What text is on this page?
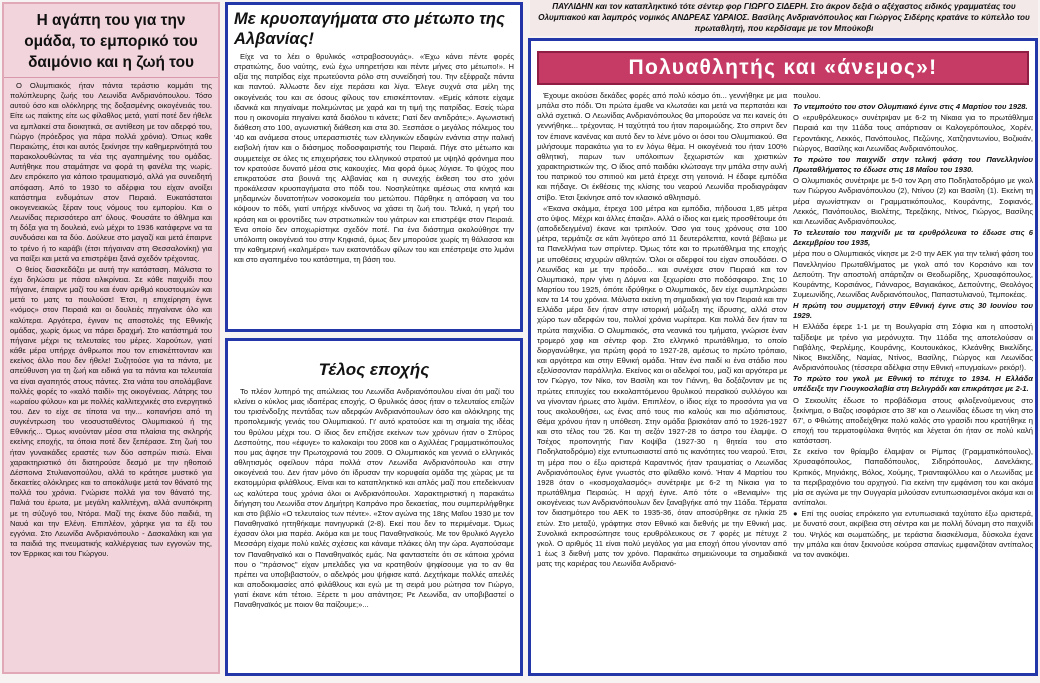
Η αγάπη του για την ομάδα, το εμπορικό του δαιμόνιο και η ζωή του

Ο Ολυμπιακός ήταν πάντα τεράστιο κομμάτι της πολύπλευρης ζωής του Λεωνίδα Ανδριανόπουλου. Τόσο αυτού όσο και ολόκληρης της δοξασμένης οικογένειάς του. Είτε ως παίκτης είτε ως φίλαθλος μετά, γιατί ποτέ δεν ήθελε να εμπλακεί στα διοικητικά, σε αντίθεση με τον αδερφό του, Γιώργο (πρόεδρος για πάρα πολλά χρόνια). Όπως καθε Πειραιώτης, έτσι και αυτός ξεκίνησε την καθημερινότητά του παρακολουθώντας τα νέα της αγαπημένης του ομάδας. Αυτήθηκε που σταμάτησε να φορά τη φανέλα της νωρίς. Δεν επρόκειτο για κάποιο τραυματισμό, αλλά για συνειδητή απόφαση. Από το 1930 το αδέρφια του είχαν ανοίξει κατάστημα ενδυμάτων στον Πειραιά. Ευκατάστατοι οικογενειακώς ξέραν τους νόμους του εμπορίου. Και ο Λεωνίδας περισσότερο απ' όλους. Φουσάτε το άθλημα και τη δόξα για τη δουλειά, ενώ μέχρι το 1936 κατάφερνε να τα συνδυάσει και τα δύο. Δούλευε στο μαγαζί και μετά έπαιρνε το τρένο ή το καράβι (έτσι πήγαιναν στη Θεσσαλονίκη) για να παίξει και μετά να επιστρέψει ξανά σχεδόν τρέχοντας.

Ο θείος διασκεδάζει με αυτή την κατάσταση. Μάλιστα το έχει δηλώσει με πάσα ειλικρίνεια. Σε κάθε παιχνίδι που πήγαινε, έπαιρνε μαζί του και έναν αριθμό κουστουμιών και μετά το ματς τα πουλούσε! Έτσι, η επιχείρηση έγινε «νόμος» στον Πειραιά και οι δουλειές πηγαίνανε όλο και καλύτερα. Αργότερα, έγιναν τις αποστολές της Εθνικής ομάδας, χωρίς όμως να πάρει δραχμή. Στο κατάστημά του πήγαινε μέχρι τις τελευταίες του μέρες. Χαρούτων, γιατί κάθε μέρα υπήρχε άνθρωποι που τον επισκέπτονταν και εκείνος άλλο που δεν ήθελε! Συζητούσε για τα πάντα, με απεύθυνση για τη ζωή και ειδικά για τα πάντα και τελευταία να είναι αγαπητός στους πάντες. Στα νιάτα του απολάμβανε πολλές φορές το «καλό παιδί» της οικογένειας. Λάτρης του «ωραίου φύλου» και με πολλές καλλιτεχνικές στο ενεργητικό του. Δεν το είχε σε τίποτα να την... κοπανήσει από τη συγκέντρωση του νεοσυσταθέντος Ολυμπιακού ή της Εθνικής... Όμως κινούνταν μέσα στα πλαίσια της σκληρής εκείνης εποχής, τα όποια ποτέ δεν ξεπέρασε. Στη ζωή του ήταν γυναικάδες εραστές των δύο ασπρών πισώ. Είναι χαρακτηριστικό ότι διατηρούσε δεσμό με την ηθοποιό Δέσποινα Στυλιανοπούλου, αλλά το κράτησε μυστικό για δεκαετίες ολόκληρες και το αποκάλυψε μετά τον θάνατό της πολλά του χρόνια. Γνώρισε πολλά για τον θάνατό της. Παλιά του έρωτα, με μεγάλη καλλιτέχνη, αλλά ανυπόκριτη με τη σύζυγό του, Ντόρα. Μαζί της έκανε δύο παιδιά, τη Ναυά και την Ελένη. Επιπλέον, χάρηκε για τα έξι του εγγόνια. Στο Λεωνίδα Ανδριανόπουλο - Δασκαλάκη και για τα παιδιά της πνευματικής καλλιέργειας των εγγονών της, τον Έρρικας και του Γιώργου.

Με κρυοπαγήματα στο μέτωπο της Αλβανίας!

Είχε να το λέει ο θρυλικός «στραβοσουγιάς». «Έχω κάνει πέντε φορές στρατιώτης, δυο ναύτης, ενώ έχω υπηρετήσει και πέντε μήνες στο μέτωπο!». Η αξία της πατρίδας είχε πρωτεύοντα ρόλο στη συνείδησή του. Την εξέφραζε πάντα και παντού. Άλλωστε δεν είχε περάσει και λίγα. Έλεγε συχνά στα μέλη της οικογένειάς του και σε όσους φίλους τον επισκέπτονταν. «Εμείς κάποτε είχαμε ιδανικά και πηγαίναμε πολεμώντας με χαρά και τη τιμή της πατρίδας. Εσείς τώρα που η οικονομία πηγαίνει κατά διαόλου τι κάνετε; Γιατί δεν αντιδράτε;». Αγωνιστική διάθεση στο 100, αγωνιστική διάθεση και στα 30. Ξεσπάσε ο μεγάλος πόλεμος του '40 και ανάμεσα στους υπερασπιστές των ελληνικών εδαφών ενάντια στην ιταλική εισβολή ήταν και ο διάσημος ποδοσφαιριστής του Πειραιά. Πήγε στο μέτωπο και συμμετείχε σε όλες τις επιχειρήσεις του ελληνικού στρατού με υψηλό φρόνημα που τον κρατούσε δυνατό μέσα στις κακουχίες. Μια φορά όμως λύγισε. Το ψύχος που επικρατούσε στα βουνά της Αλβανίας και η συνεχής έκθεση του στο χιόνι προκάλεσαν κρυοπαγήματα στο πόδι του. Νοσηλεύτηκε αμέσως στα κινητά και μηδαμινών δυνατοτήτων νοσοκομεία του μετώπου. Πάρθηκε η απόφαση να του κόψουν το πόδι, γιατί υπήρχε κίνδυνος να χάσει τη ζωή του. Τελικά, η γερή του κράση και οι φροντίδες των στρατιωτικών του γιάτρων και επιστρέψε στον Πειραιά. Ένα οποίο δεν αποχωρίστηκε σχεδόν ποτέ. Για ένα διάστημα ακολούθησε την υπόλοιπη οικογένειά του στην Κηφισιά, όμως δεν μπορούσε χωρίς τη θάλασσα και την καθημερινή «καλημέρα» των εκατοντάδων φίλων του και επέστρεψε στο λιμάνι και στο αγαπημένο του κατάστημα, τη βάση του.

Τέλος εποχής

Το πλέον λυπηρό της απώλειας του Λεωνίδα Ανδριανόπουλου είναι ότι μαζί του κλείνει ο κύκλος μιας ιδαιτέρας εποχής. Ο θρυλικός άσος ήταν ο τελευταίος επιζών του τρισένδοξης πεντάδας των αδερφών Ανδριανόπουλων όσο και ολόκληρης της προπολεμικής γενιάς του Ολυμπιακού. Γι' αυτό κρατούσε και τη σημαία της ιδέας του θρύλου μέχρι του. Ο ίδιος δεν επιζήσε εκείνων των χρόνων ήταν ο Σπύρος Δεσπούτης, που «έφυγε» το καλοκαίρι του 2008 και ο Αχιλλέας Γραμματικόπουλος που μας άφησε την Πρωτοχρονιά του 2009. Ο Ολυμπιακός και γεννιά ο ελληνικός αθλητισμός οφείλουν πάρα πολλά στον Λεωνίδα Ανδριανόπουλο και στην οικογένειά του. Δεν ήταν μόνο ότι ίδρυσαν την κορυφαία ομάδα της χώρας με τα εκατομμύρια φιλάθλους. Είναι και το καταπληκτικό και απλός μαζί που επεδείκνυαν ως καλύτερα τους χρόνια όλοι οι Ανδριανόπουλοι. Χαρακτηριστική η παρακάτω διήγηση του Λεωνίδα στον Δημήτρη Καπράνο προ δεκαετίας, που συμπεριλήφθηκε και στο βιβλίο «Ο τελευταίος των πέντε». «Στον αγώνα της 18ης Μαΐου 1930 με τον Παναθηναϊκό ηττηθήκαμε πανηγυρικά (2-8). Εκεί που δεν το περιμέναμε. Όμως έχασαν όλοι μια παρέα. Ακόμα και με τους Παναθηναϊκούς. Με τον θρυλικό Αγγελο Μεσσάρη είχαμε πολύ καλές σχέσεις και κάναμε πλάκες όλη την ώρα. Αγαπούσαμε τον Παναθηναϊκό και ο Παναθηναϊκός εμάς. Να φανταστείτε ότι σε κάποια χρόνια που ο "πράσινος" είχαν μπελάδες για να κρατηθούν ψηφίσουμε για το αν θα πρέπει να υποβιβαστούν, ο αδελφός μου ψήφισε κατά. Δεχτήκαμε πολλές απειλές και αποδοκιμασίες από φιλάθλους και εγώ με τη σειρά μου ρώτησα τον Γιώργο, γιατί έκανε κάτι τέτοιο. Ξέρετε τι μου απάντησε; Ρε Λεωνίδα, αν υποβιβαστεί ο Παναθηναϊκός με ποιον θα παίζουμε;»...

ΠΑΥΛΙΔΗΝ και τον καταπληκτικό τότε σέντερ φορ ΓΙΩΡΓΟ ΣΙΔΕΡΗ. Στο άκρον δεξιά ο αξέχαστος ειδικός γραμματέας του Ολυμπιακού και λαμπρός νομικός ΑΝΔΡΕΑΣ ΥΔΡΑΙΟΣ. Βασίλης Ανδριανόπουλος και Γιώργος Σιδέρης κρατάνε το κύπελλο του πρωταθλητή, που κερδίσαμε με τον Μπούκοβι
Πολυαθλητής και «άνεμος»!

Έχουμε ακούσει δεκάδες φορές από πολύ κόσμο ότι... γεννήθηκε με μια μπάλα στο πόδι. Ότι πρώτα έμαθε να κλωτσάει και μετά να περπατάει και αλλά σχετικά. Ο Λεωνίδας Ανδριανόπουλος θα μπορούσε να πει κανείς ότι γεννήθηκε... τρέχοντας. Η ταχύτητά του ήταν παροιμιώδης. Στο σπριντ δεν τον έπιανε κανένας και αυτό δεν το λένε μόνο οι όσοι του Ολυμπιακού. Θα μιλήσουμε παρακάτω για το εν λόγω θέμα. Η οικογένειά του ήταν 100% αθλητική, παρων των υπόλοιπων ξεχωριστών και χριστικών χαρακτηριστικών της. Ο ίδιος από παιδάκι κλώτσαγε την μπάλα στην αυλή του πατρικού του σπιτιού και μετά έτρεχε στη γειτονιά. Η έδαφε εμπόδια και πήδαγε. Οι έκθέσεις της κλίσης του νεαρού Λεωνίδα προδιαγράφαν στίβο. Έτσι ξεκίνησε από τον κλασικό αθλητισμό.

«Έκανα σκάμμα, έτρεχα 100 μέτρα και εμπόδια, πήδουσα 1,85 μέτρα στο ύψος. Μέχρι και άλλες έπαιζα». Αλλά ο ίδιος και εμείς προσθέτουμε ότι (αποδεδειγμένα) έκανε και τριπλούν. Όσο για τους χρόνους στα 100 μέτρα, τερμάτιζε σε κάτι λιγότερο από 11 δευτερόλεπτα, κοντά βέβαιω με τα Πανελλήνια των σπρίντερ. Όμως τότε και το πρωτάθλημα της εποχής με υποθέσεις ισχυρών αθλητών. Όλοι οι αδερφοί του είχαν σπουδάσει. Ο Λεωνίδας και με την πρόοδο... και συνέχισε στον Πειραιά και τον Ολυμπιακό, πριν γίνει η Δόμνα και ξεχωρίσει στο ποδόσφαιρο. Στις 10 Μαρτίου του 1925, όπότε ιδρύθηκε ο Ολυμπιακός, δεν είχε συμπληρώσει καν τα 14 του χρόνια. Μάλιστα εκείνη τη σημαδιακή για τον Πειραιά και την Ελλάδα μέρα δεν ήταν στην ιστορική μάζωξη της ίδρυσης, αλλά στον χώρο των αδερφών του, πολλοί χρόνια νωρίτερα. Και πολλά δεν ήταν τα πρώτα παιχνίδια. Ο Ολυμπιακός, στα νεανικά του τμήματα, γνώρισε έναν τρομερό χαφ και σέντερ φορ. Στο ελληνικό πρωτάθλημα, το οποίο διοργανώθηκε, για πρώτη φορά το 1927-28, αμέσως το πρώτο τρόπαιο, και αργότερα και στην Εθνική ομάδα. Ήταν ένα παιδί κι ένα στάδιο που εξελίσσονταν παράλληλα. Εκείνος και οι αδελφοί του, μαζί και αργότερα με τον Γιώργο, τον Νίκο, τον Βασίλη και τον Γιάννη, θα δοξάζονταν με τις πρώτες επιτυχίες του εκκολαπτόμενου θρυλικού πειραϊκού συλλόγου και να γίνονταν ήρωες στο λιμάνι. Επιπλέον, ο ίδιος είχε το προσόντα για να τους ακολουθήσει, ως ένας από τους πιο καλούς και πιο αξιόπιστους. Θέμα χρόνου ήταν η υπόθεση. Στην ομάδα βρισκόταν από το 1926-1927 και στο τέλος του '26. Και τη σεζόν 1927-28 το άστρο του έλαμψε. Ο Τσέχος προπονητής Γιαν Κοψίβα (1927-30 η θητεία του στο Ποδηλατοδρόμιο) είχε εντυπωσιαστεί από τις ικανότητες του νεαρού. Έτσι, τη μέρα που ο έξω αριστερά Καραντινός ήταν τραυματίας ο Λεωνίδας Ανδριανόπουλος έγινε γνωστός στο φίλαθλο κοινό. Ήταν 4 Μαρτίου του 1928 όταν ο «κοσμοχαλασμός» συνέτριψε με 6-2 τη Νίκαια για το πρωτάθλημα Πειραιώς. Η αρχή έγινε. Από τότε ο «Βενιαμίν» της οικογένειας των Ανδριανόπουλων δεν ξαναβγήκε από την 11άδα. Τέρματα τον διασημότερο του ΑΕΚ το 1935-36, όταν αποσύρθηκε σε ηλικία 25 ετών. Στο μεταξύ, γράφτηκε στον Εθνικό και διεθνής με την Εθνική μας. Συνολικά εκπροσώπησε τους ερυθρόλευκους σε 7 φορές με πέτυχε 2 γκολ. Ο αριθμός 11 είναι πολύ μεγάλος για μια εποχή όπου γίνονταν από 1 έως 3 διεθνή ματς τον χρόνο. Παρακάτω σημειώνουμε τα σημαδιακά ματς της καριέρας του Λεωνίδα Ανδριανό-

πουλου.

Το ντεμπούτο του στον Ολυμπιακό έγινε στις 4 Μαρτίου του 1928.

Ο «ερυθρόλευκος» συνέτριψαν με 6-2 τη Νίκαια για το πρωτάθλημα Πειραιά και την 11άδα τους απάρτισαν οι Καλογερόπουλος, Χορέν, Γεροντάκης, Λεκκός, Πανόπουλος, Πεζώνης, Χατζηαντωνίου, Βοζικιάν, Γιώργος, Βασίλης και Λεωνίδας Ανδριανόπουλος.

Το πρώτο του παιχνίδι στην τελική φάση του Πανελληνίου Πρωταθλήματος το έδωσε στις 18 Μαΐου του 1930.

Ο Ολυμπιακός συνέτριψε με 5-0 τον Άρη στο Ποδηλατοδρόμιο με γκολ των Γιώργου Ανδριανόπουλου (2), Ντίνου (2) και Βασίλη (1). Εκείνη τη μέρα αγωνίστηκαν οι Γραμματικόπουλος, Κουράντης, Σοφιανός, Λεκκός, Πανόπουλος, Βιολέτης, Τερεζάκης, Ντίνος, Γιώργος, Βασίλης και Λεωνίδας Ανδριανόπουλος.

Το τελευταίο του παιχνίδι με τα ερυθρόλευκα το έδωσε στις 6 Δεκεμβρίου του 1935,

μέρα που ο Ολυμπιακός νίκησε με 2-0 την ΑΕΚ για την τελική φάση του Πανελληνίου Πρωταθλήματος με γκολ από τον Κορσιάνο και τον Δεπούτη. Την αποστολή απάρτιζαν οι Θεοδωρίδης, Χρυσαφόπουλος, Κουράντης, Κορσιάνος, Γιάνναρος, Βαγιακάκος, Δεπούντης, Θεολόγος Συμεωνίδης, Λεωνίδας Ανδριανόπουλος, Παπαστυλιανού, Τεμποκέας.

Η πρώτη του συμμετοχή στην Εθνική έγινε στις 30 Ιουνίου του 1929.

Η Ελλάδα έφερε 1-1 με τη Βουλγαρία στη Σόφια και η αποστολή ταξίδεψε με τρένο για μερόνυχτα. Την 11άδα της αποτελούσαν οι Γιαβάλης, Φερλέμης, Κουράνης, Κουτουκάκος, Κλεάνθης Βικελίδης, Νίκος Βικελίδης, Ναμίας, Ντίνος, Βασίλης, Γιώργος και Λεωνίδας Ανδριανόπουλος (τέσσερα αδέλφια στην Εθνική «πυγμαίων» ρεκόρ!).

Το πρώτο του γκολ με Εθνική το πέτυχε το 1934. Η Ελλάδα υπέδειξε την Γιουγκοσλαβία στη Βελιγράδι και επικράτησε με 2-1.

Ο Σεκουλίτς έδωσε το προβάδισμα στους φιλοξενούμενους στο ξεκίνημα, ο Βαζος ισοφάρισε στο 38' και ο Λεωνίδας έδωσε τη νίκη στο 67', ο Φθιώτης αποδείχθηκε πολύ καλός στο γρασίδι που κρατήθηκε η εποχή του τερματοφύλακα θνητός και λέγεται ότι ήταν σε πολύ καλή κατάσταση.

Σε εκείνο τον θρίαμβο έλαμψαν οι Ρίμπας (Γραμματικόπουλος), Χρυσαφόπουλος, Παπαδόπουλος, Σιδηρόπουλος, Δανελάκης, Κριτικός, Μηνιάκης, Βόλος, Χούμης, Τριανταφύλλου και ο Λεωνίδας με τα περιβραχιόνιο του αρχηγού. Για εκείνη την εμφάνιση του και ακόμα μία σε αγώνα με την Ουγγαρία μιλούσαν εντυπωσιασμένοι ακόμα και οι αντίπαλοι.

● Επί της ουσίας επρόκειτο για εντυπωσιακά ταχύτατο έξω αριστερά, με δυνατό σουτ, ακρίβεια στη σέντρα και με πολλή δύναμη στο παιχνίδι του. Ψηλός και σωματώδης, με τεράστια διασκέλισμα, δύσκολα έχανε την μπάλα και όταν ξεκινούσε κούρσα σπανίως εμφανιζόταν αντίπαλος να τον ανακόψει.
